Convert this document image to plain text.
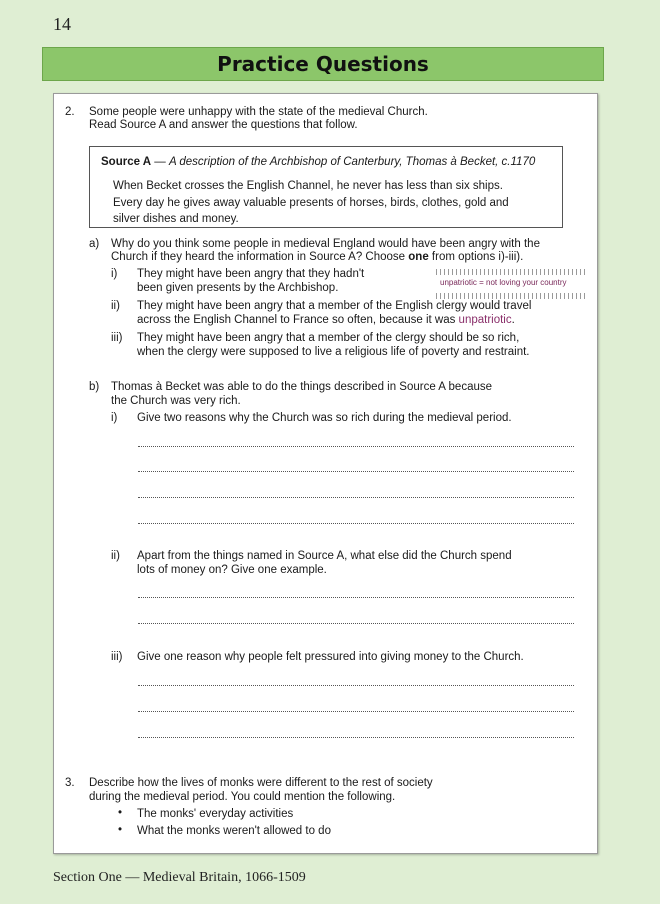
14
Practice Questions
2. Some people were unhappy with the state of the medieval Church.
Read Source A and answer the questions that follow.
Source A — A description of the Archbishop of Canterbury, Thomas à Becket, c.1170
When Becket crosses the English Channel, he never has less than six ships.
Every day he gives away valuable presents of horses, birds, clothes, gold and
silver dishes and money.
a) Why do you think some people in medieval England would have been angry with the
Church if they heard the information in Source A? Choose one from options i)-iii).
i) They might have been angry that they hadn't
been given presents by the Archbishop.	unpatriotic = not loving your country
ii) They might have been angry that a member of the English clergy would travel
across the English Channel to France so often, because it was unpatriotic.
iii) They might have been angry that a member of the clergy should be so rich,
when the clergy were supposed to live a religious life of poverty and restraint.
b) Thomas à Becket was able to do the things described in Source A because
the Church was very rich.
i) Give two reasons why the Church was so rich during the medieval period.
ii) Apart from the things named in Source A, what else did the Church spend
lots of money on? Give one example.
iii) Give one reason why people felt pressured into giving money to the Church.
3. Describe how the lives of monks were different to the rest of society
during the medieval period. You could mention the following.
• The monks' everyday activities
• What the monks weren't allowed to do
Section One — Medieval Britain, 1066-1509
